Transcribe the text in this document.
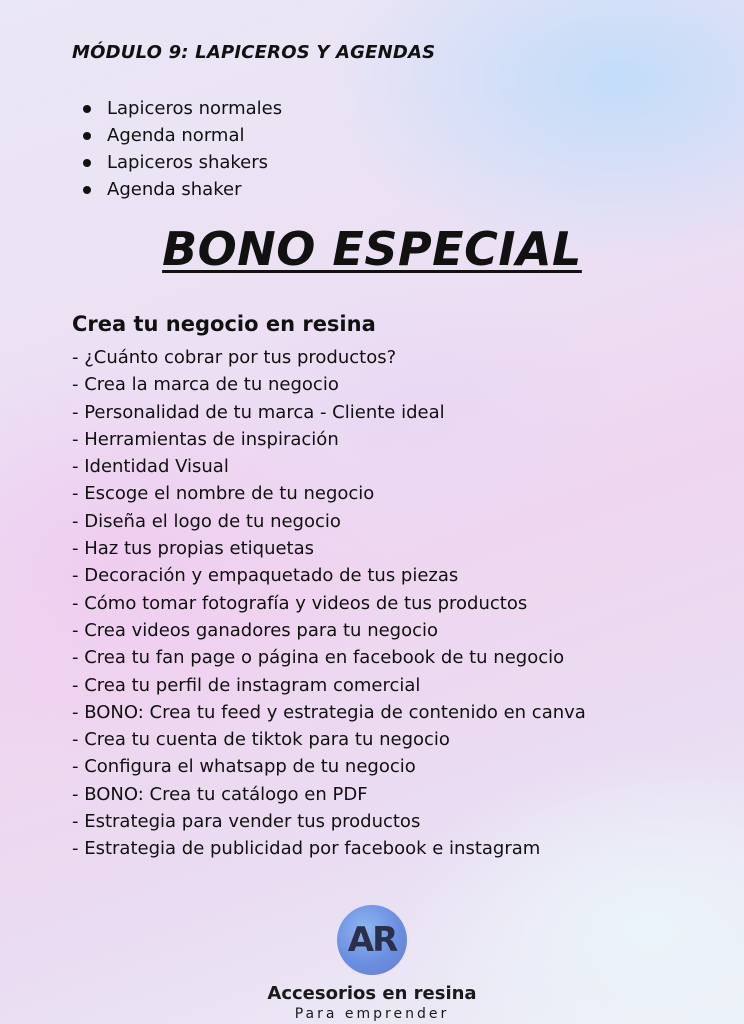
MÓDULO 9: LAPICEROS Y AGENDAS
Lapiceros normales
Agenda normal
Lapiceros shakers
Agenda shaker
BONO ESPECIAL
Crea tu negocio en resina
- ¿Cuánto cobrar por tus productos?
- Crea la marca de tu negocio
- Personalidad de tu marca - Cliente ideal
- Herramientas de inspiración
- Identidad Visual
- Escoge el nombre de tu negocio
- Diseña el logo de tu negocio
- Haz tus propias etiquetas
- Decoración y empaquetado de tus piezas
- Cómo tomar fotografía y videos de tus productos
- Crea videos ganadores para tu negocio
- Crea tu fan page o página en facebook de tu negocio
- Crea tu perfil de instagram comercial
- BONO: Crea tu feed y estrategia de contenido en canva
- Crea tu cuenta de tiktok para tu negocio
- Configura el whatsapp de tu negocio
- BONO: Crea tu catálogo en PDF
- Estrategia para vender tus productos
- Estrategia de publicidad por facebook e instagram
AR
Accesorios en resina
Para emprender
